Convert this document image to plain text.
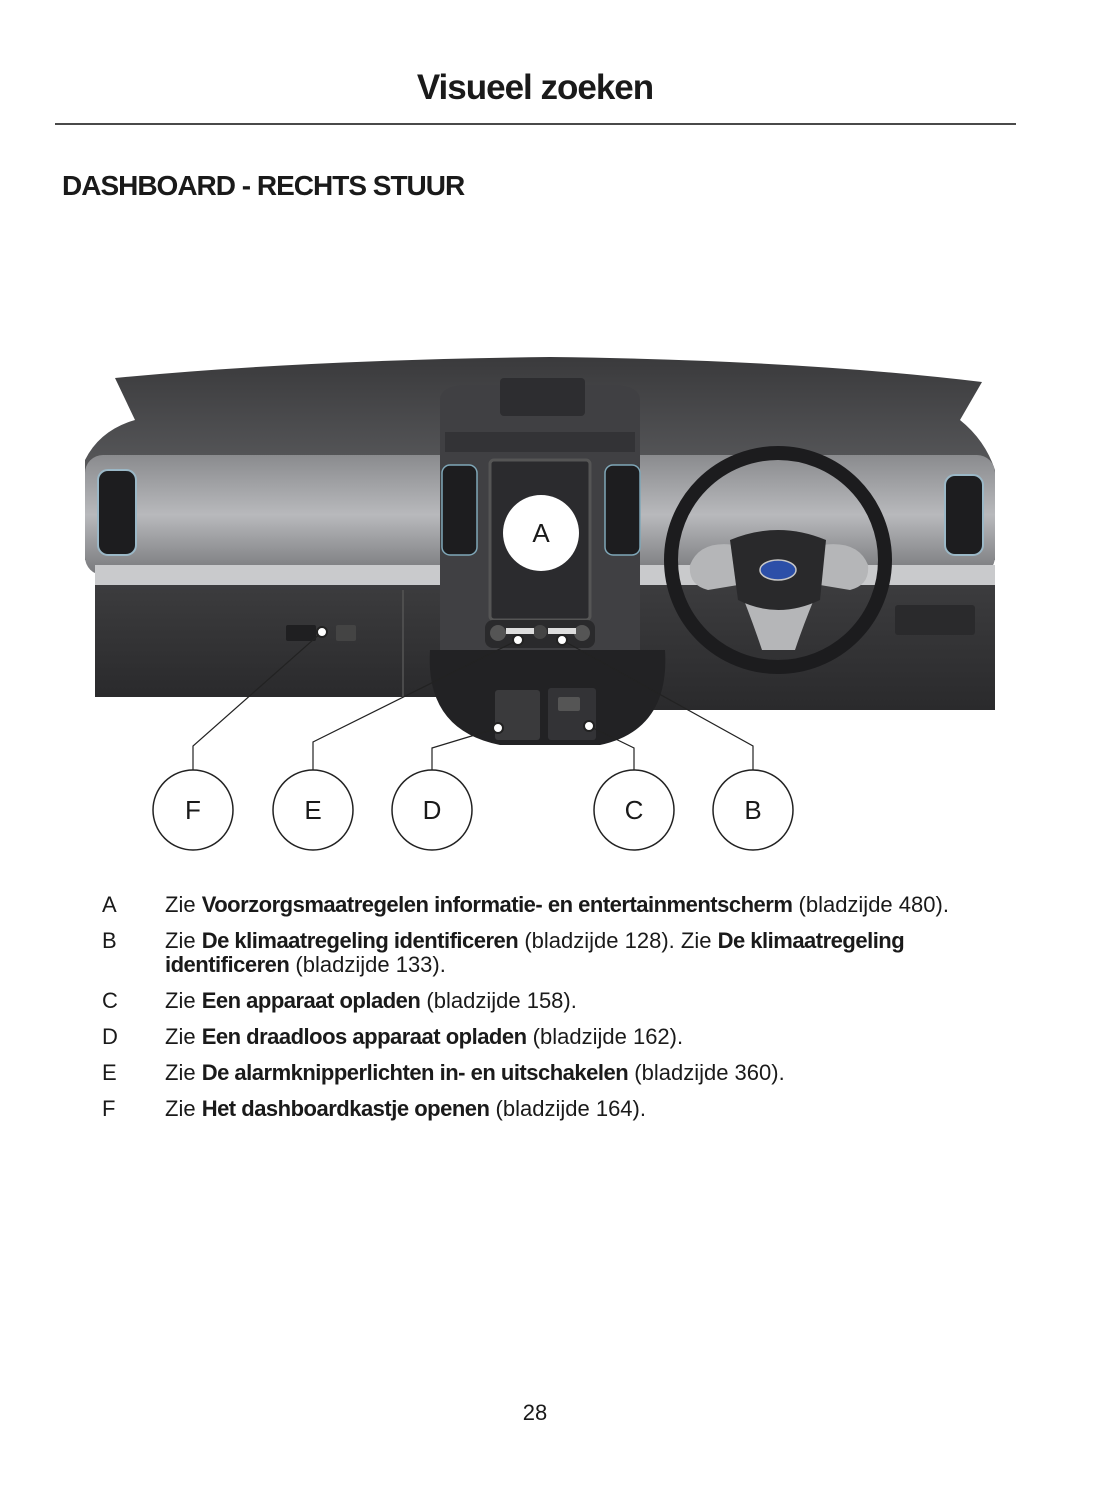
Visueel zoeken
DASHBOARD - RECHTS STUUR
A
F	E	D	C	B
A	Zie Voorzorgsmaatregelen informatie- en entertainmentscherm (bladzijde 480).
B	Zie De klimaatregeling identificeren (bladzijde 128). Zie De klimaatregeling identificeren (bladzijde 133).
C	Zie Een apparaat opladen (bladzijde 158).
D	Zie Een draadloos apparaat opladen (bladzijde 162).
E	Zie De alarmknipperlichten in- en uitschakelen (bladzijde 360).
F	Zie Het dashboardkastje openen (bladzijde 164).
28
